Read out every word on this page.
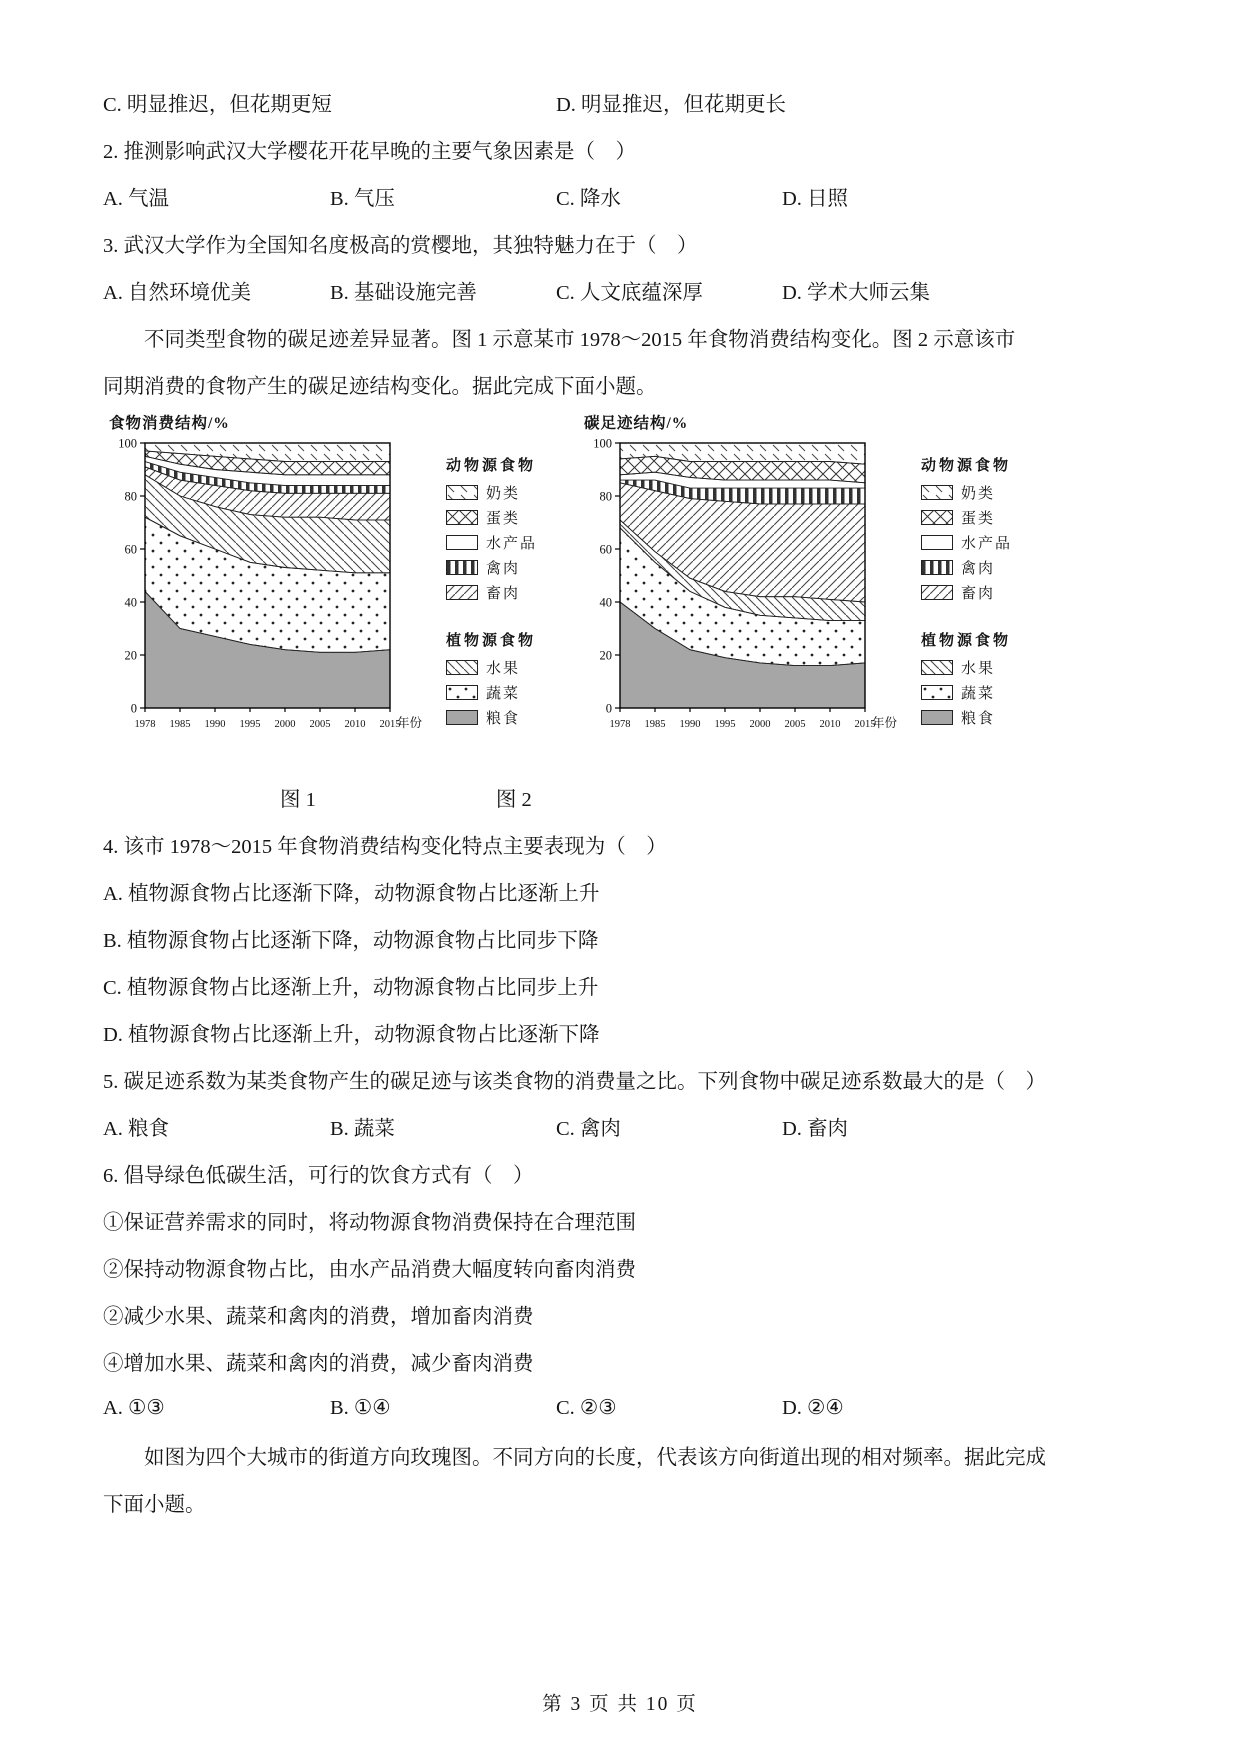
C. 明显推迟，但花期更短	D. 明显推迟，但花期更长
2. 推测影响武汉大学樱花开花早晚的主要气象因素是（　）
A. 气温	B. 气压	C. 降水	D. 日照
3. 武汉大学作为全国知名度极高的赏樱地，其独特魅力在于（　）
A. 自然环境优美	B. 基础设施完善	C. 人文底蕴深厚	D. 学术大师云集
不同类型食物的碳足迹差异显著。图 1 示意某市 1978～2015 年食物消费结构变化。图 2 示意该市
同期消费的食物产生的碳足迹结构变化。据此完成下面小题。
食物消费结构/%
0
20
40
60
80
100
1978 1985 1990 1995 2000 2005 2010 2015
年份
动物源食物
奶类
蛋类
水产品
禽肉
畜肉
植物源食物
水果
蔬菜
粮食
碳足迹结构/%
0
20
40
60
80
100
1978 1985 1990 1995 2000 2005 2010 2015
年份
动物源食物
奶类
蛋类
水产品
禽肉
畜肉
植物源食物
水果
蔬菜
粮食
图 1	图 2
4. 该市 1978～2015 年食物消费结构变化特点主要表现为（　）
A. 植物源食物占比逐渐下降，动物源食物占比逐渐上升
B. 植物源食物占比逐渐下降，动物源食物占比同步下降
C. 植物源食物占比逐渐上升，动物源食物占比同步上升
D. 植物源食物占比逐渐上升，动物源食物占比逐渐下降
5. 碳足迹系数为某类食物产生的碳足迹与该类食物的消费量之比。下列食物中碳足迹系数最大的是（　）
A. 粮食	B. 蔬菜	C. 禽肉	D. 畜肉
6. 倡导绿色低碳生活，可行的饮食方式有（　）
①保证营养需求的同时，将动物源食物消费保持在合理范围
②保持动物源食物占比，由水产品消费大幅度转向畜肉消费
②减少水果、蔬菜和禽肉的消费，增加畜肉消费
④增加水果、蔬菜和禽肉的消费，减少畜肉消费
A. ①③	B. ①④	C. ②③	D. ②④
如图为四个大城市的街道方向玫瑰图。不同方向的长度，代表该方向街道出现的相对频率。据此完成
下面小题。
第 3 页 共 10 页
